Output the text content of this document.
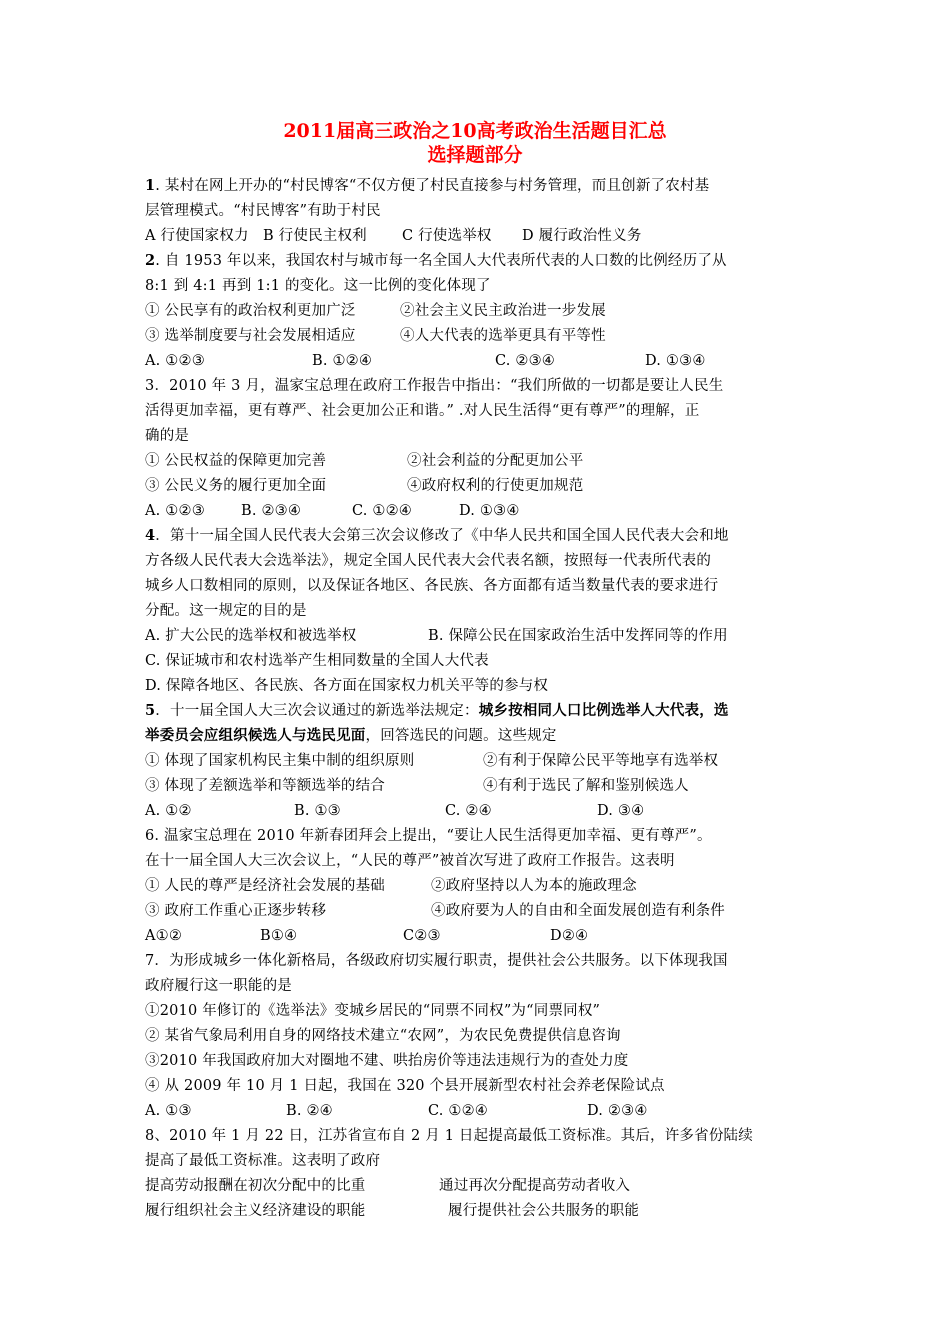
2011届高三政治之10高考政治生活题目汇总
选择题部分
1. 某村在网上开办的“村民博客“不仅方便了村民直接参与村务管理，而且创新了农村基
层管理模式。“村民博客”有助于村民
A 行使国家权力 B 行使民主权利 C 行使选举权 D 履行政治性义务
2. 自 1953 年以来，我国农村与城市每一名全国人大代表所代表的人口数的比例经历了从
8:1 到 4:1 再到 1:1 的变化。这一比例的变化体现了
① 公民享有的政治权利更加广泛	②社会主义民主政治进一步发展
③ 选举制度要与社会发展相适应	④人大代表的选举更具有平等性
A. ①②③	B. ①②④	C. ②③④	D. ①③④
3．2010 年 3 月，温家宝总理在政府工作报告中指出：“我们所做的一切都是要让人民生
活得更加幸福，更有尊严、社会更加公正和谐。” .对人民生活得“更有尊严”的理解，正
确的是
① 公民权益的保障更加完善	②社会利益的分配更加公平
③ 公民义务的履行更加全面	④政府权利的行使更加规范
A. ①②③ B. ②③④	C. ①②④	D. ①③④
4．第十一届全国人民代表大会第三次会议修改了《中华人民共和国全国人民代表大会和地
方各级人民代表大会选举法》，规定全国人民代表大会代表名额，按照每一代表所代表的
城乡人口数相同的原则，以及保证各地区、各民族、各方面都有适当数量代表的要求进行
分配。这一规定的目的是
A. 扩大公民的选举权和被选举权	B. 保障公民在国家政治生活中发挥同等的作用
C. 保证城市和农村选举产生相同数量的全国人大代表
D. 保障各地区、各民族、各方面在国家权力机关平等的参与权
5．十一届全国人大三次会议通过的新选举法规定：城乡按相同人口比例选举人大代表，选
举委员会应组织候选人与选民见面，回答选民的问题。这些规定
① 体现了国家机构民主集中制的组织原则	②有利于保障公民平等地享有选举权
③ 体现了差额选举和等额选举的结合	④有利于选民了解和鉴别候选人
A. ①②	B. ①③	C. ②④	D. ③④
6. 温家宝总理在 2010 年新春团拜会上提出，“要让人民生活得更加幸福、更有尊严”。
在十一届全国人大三次会议上，“人民的尊严”被首次写进了政府工作报告。这表明
① 人民的尊严是经济社会发展的基础	②政府坚持以人为本的施政理念
③ 政府工作重心正逐步转移	④政府要为人的自由和全面发展创造有利条件
A①②	B①④	C②③	D②④
7．为形成城乡一体化新格局，各级政府切实履行职责，提供社会公共服务。以下体现我国
政府履行这一职能的是
①2010 年修订的《选举法》变城乡居民的“同票不同权”为“同票同权”
② 某省气象局利用自身的网络技术建立“农网”，为农民免费提供信息咨询
③2010 年我国政府加大对圈地不建、哄抬房价等违法违规行为的查处力度
④ 从 2009 年 10 月 1 日起，我国在 320 个县开展新型农村社会养老保险试点
A. ①③	B. ②④	C. ①②④	D. ②③④
8、2010 年 1 月 22 日，江苏省宣布自 2 月 1 日起提高最低工资标准。其后，许多省份陆续
提高了最低工资标准。这表明了政府
提高劳动报酬在初次分配中的比重	通过再次分配提高劳动者收入
履行组织社会主义经济建设的职能	履行提供社会公共服务的职能
